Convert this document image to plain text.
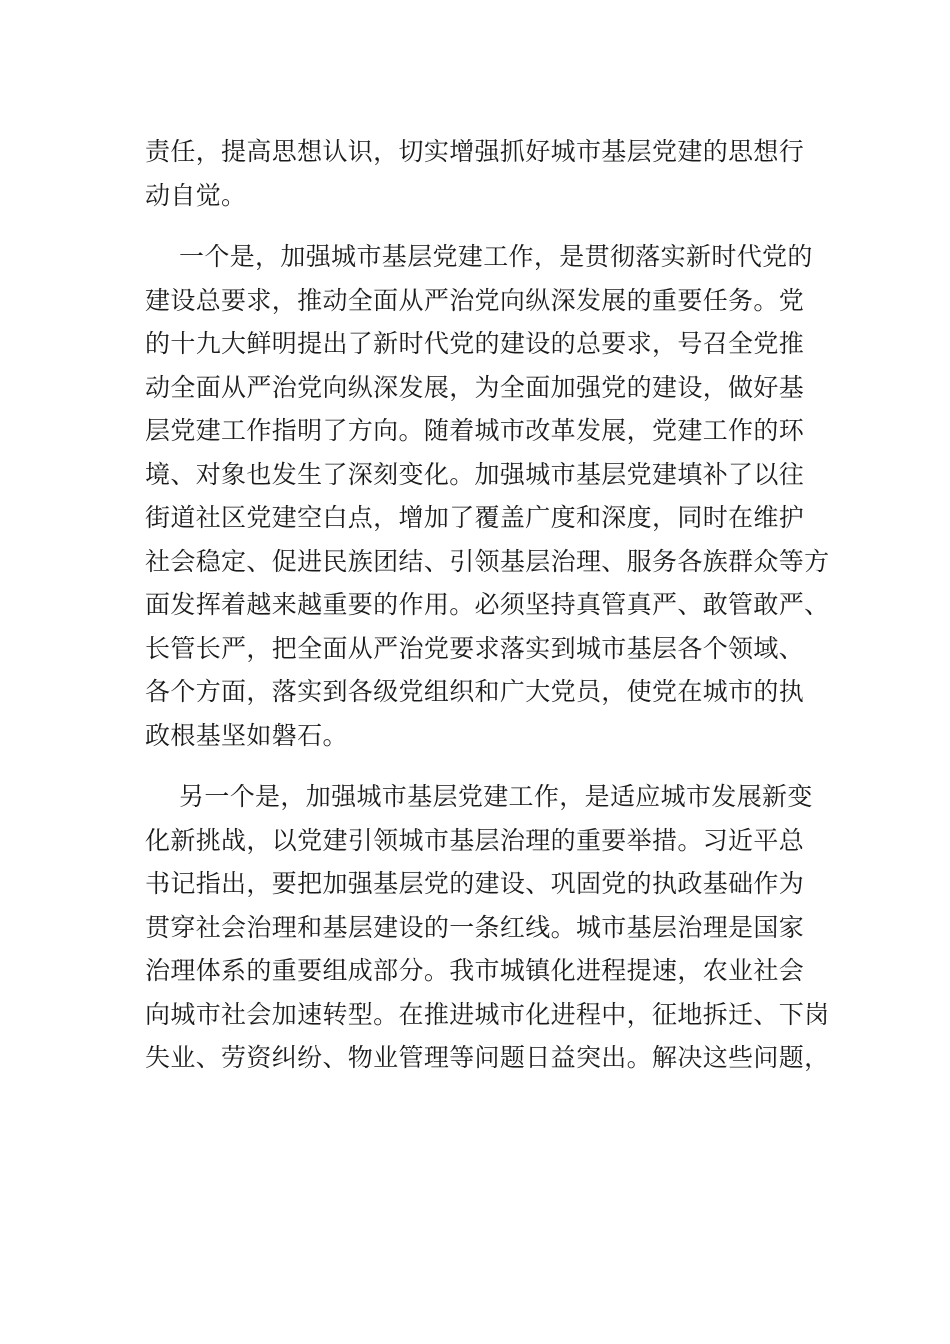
责任，提高思想认识，切实增强抓好城市基层党建的思想行
动自觉。
一个是，加强城市基层党建工作，是贯彻落实新时代党的
建设总要求，推动全面从严治党向纵深发展的重要任务。党
的十九大鲜明提出了新时代党的建设的总要求，号召全党推
动全面从严治党向纵深发展，为全面加强党的建设，做好基
层党建工作指明了方向。随着城市改革发展，党建工作的环
境、对象也发生了深刻变化。加强城市基层党建填补了以往
街道社区党建空白点，增加了覆盖广度和深度，同时在维护
社会稳定、促进民族团结、引领基层治理、服务各族群众等方
面发挥着越来越重要的作用。必须坚持真管真严、敢管敢严、
长管长严，把全面从严治党要求落实到城市基层各个领域、
各个方面，落实到各级党组织和广大党员，使党在城市的执
政根基坚如磐石。
另一个是，加强城市基层党建工作，是适应城市发展新变
化新挑战，以党建引领城市基层治理的重要举措。习近平总
书记指出，要把加强基层党的建设、巩固党的执政基础作为
贯穿社会治理和基层建设的一条红线。城市基层治理是国家
治理体系的重要组成部分。我市城镇化进程提速，农业社会
向城市社会加速转型。在推进城市化进程中，征地拆迁、下岗
失业、劳资纠纷、物业管理等问题日益突出。解决这些问题，
